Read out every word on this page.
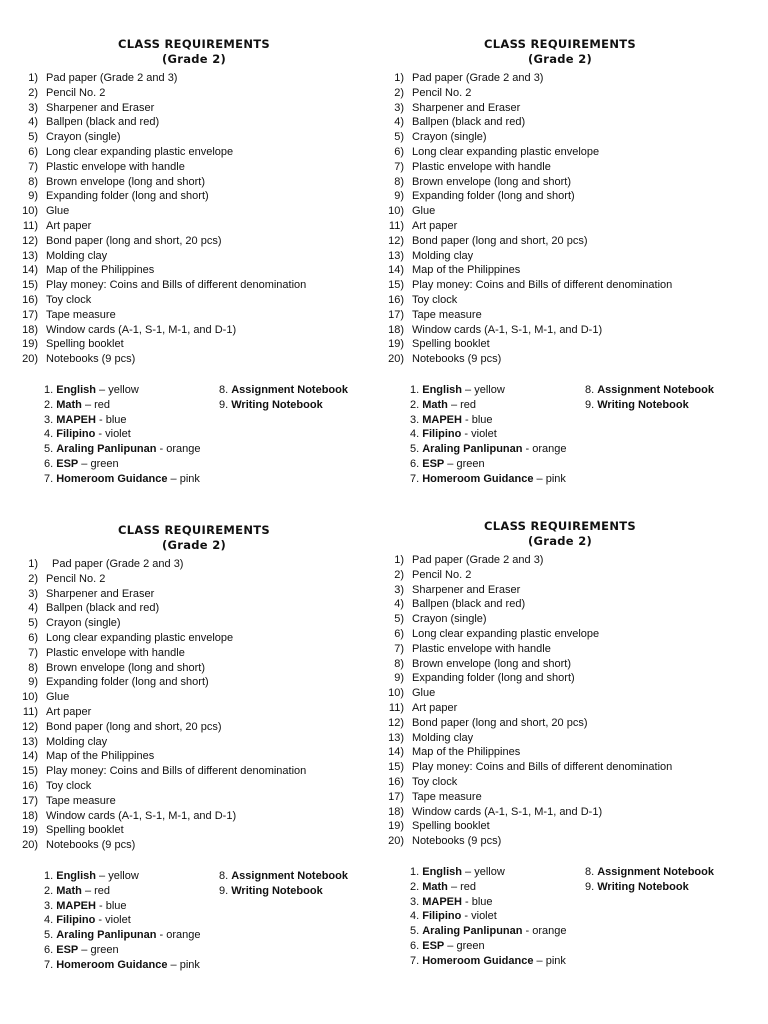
CLASS REQUIREMENTS
(Grade 2)
1) Pad paper (Grade 2 and 3)
2) Pencil No. 2
3) Sharpener and Eraser
4) Ballpen (black and red)
5) Crayon (single)
6) Long clear expanding plastic envelope
7) Plastic envelope with handle
8) Brown envelope (long and short)
9) Expanding folder (long and short)
10) Glue
11) Art paper
12) Bond paper (long and short, 20 pcs)
13) Molding clay
14) Map of the Philippines
15) Play money: Coins and Bills of different denomination
16) Toy clock
17) Tape measure
18) Window cards (A-1, S-1, M-1, and D-1)
19) Spelling booklet
20) Notebooks (9 pcs)
1. English – yellow
2. Math – red
3. MAPEH - blue
4. Filipino - violet
5. Araling Panlipunan - orange
6. ESP – green
7. Homeroom Guidance – pink
8. Assignment Notebook
9. Writing Notebook
CLASS REQUIREMENTS
(Grade 2)
1) Pad paper (Grade 2 and 3)
2) Pencil No. 2
3) Sharpener and Eraser
4) Ballpen (black and red)
5) Crayon (single)
6) Long clear expanding plastic envelope
7) Plastic envelope with handle
8) Brown envelope (long and short)
9) Expanding folder (long and short)
10) Glue
11) Art paper
12) Bond paper (long and short, 20 pcs)
13) Molding clay
14) Map of the Philippines
15) Play money: Coins and Bills of different denomination
16) Toy clock
17) Tape measure
18) Window cards (A-1, S-1, M-1, and D-1)
19) Spelling booklet
20) Notebooks (9 pcs)
1. English – yellow
2. Math – red
3. MAPEH - blue
4. Filipino - violet
5. Araling Panlipunan - orange
6. ESP – green
7. Homeroom Guidance – pink
8. Assignment Notebook
9. Writing Notebook
CLASS REQUIREMENTS
(Grade 2)
1)	Pad paper (Grade 2 and 3)
2) Pencil No. 2
3) Sharpener and Eraser
4) Ballpen (black and red)
5) Crayon (single)
6) Long clear expanding plastic envelope
7) Plastic envelope with handle
8) Brown envelope (long and short)
9) Expanding folder (long and short)
10) Glue
11) Art paper
12) Bond paper (long and short, 20 pcs)
13) Molding clay
14) Map of the Philippines
15) Play money: Coins and Bills of different denomination
16) Toy clock
17) Tape measure
18) Window cards (A-1, S-1, M-1, and D-1)
19) Spelling booklet
20) Notebooks (9 pcs)
1. English – yellow
2. Math – red
3. MAPEH - blue
4. Filipino - violet
5. Araling Panlipunan - orange
6. ESP – green
7. Homeroom Guidance – pink
8. Assignment Notebook
9. Writing Notebook
CLASS REQUIREMENTS
(Grade 2)
1) Pad paper (Grade 2 and 3)
2) Pencil No. 2
3) Sharpener and Eraser
4) Ballpen (black and red)
5) Crayon (single)
6) Long clear expanding plastic envelope
7) Plastic envelope with handle
8) Brown envelope (long and short)
9) Expanding folder (long and short)
10) Glue
11) Art paper
12) Bond paper (long and short, 20 pcs)
13) Molding clay
14) Map of the Philippines
15) Play money: Coins and Bills of different denomination
16) Toy clock
17) Tape measure
18) Window cards (A-1, S-1, M-1, and D-1)
19) Spelling booklet
20) Notebooks (9 pcs)
1. English – yellow
2. Math – red
3. MAPEH - blue
4. Filipino - violet
5. Araling Panlipunan - orange
6. ESP – green
7. Homeroom Guidance – pink
8. Assignment Notebook
9. Writing Notebook
